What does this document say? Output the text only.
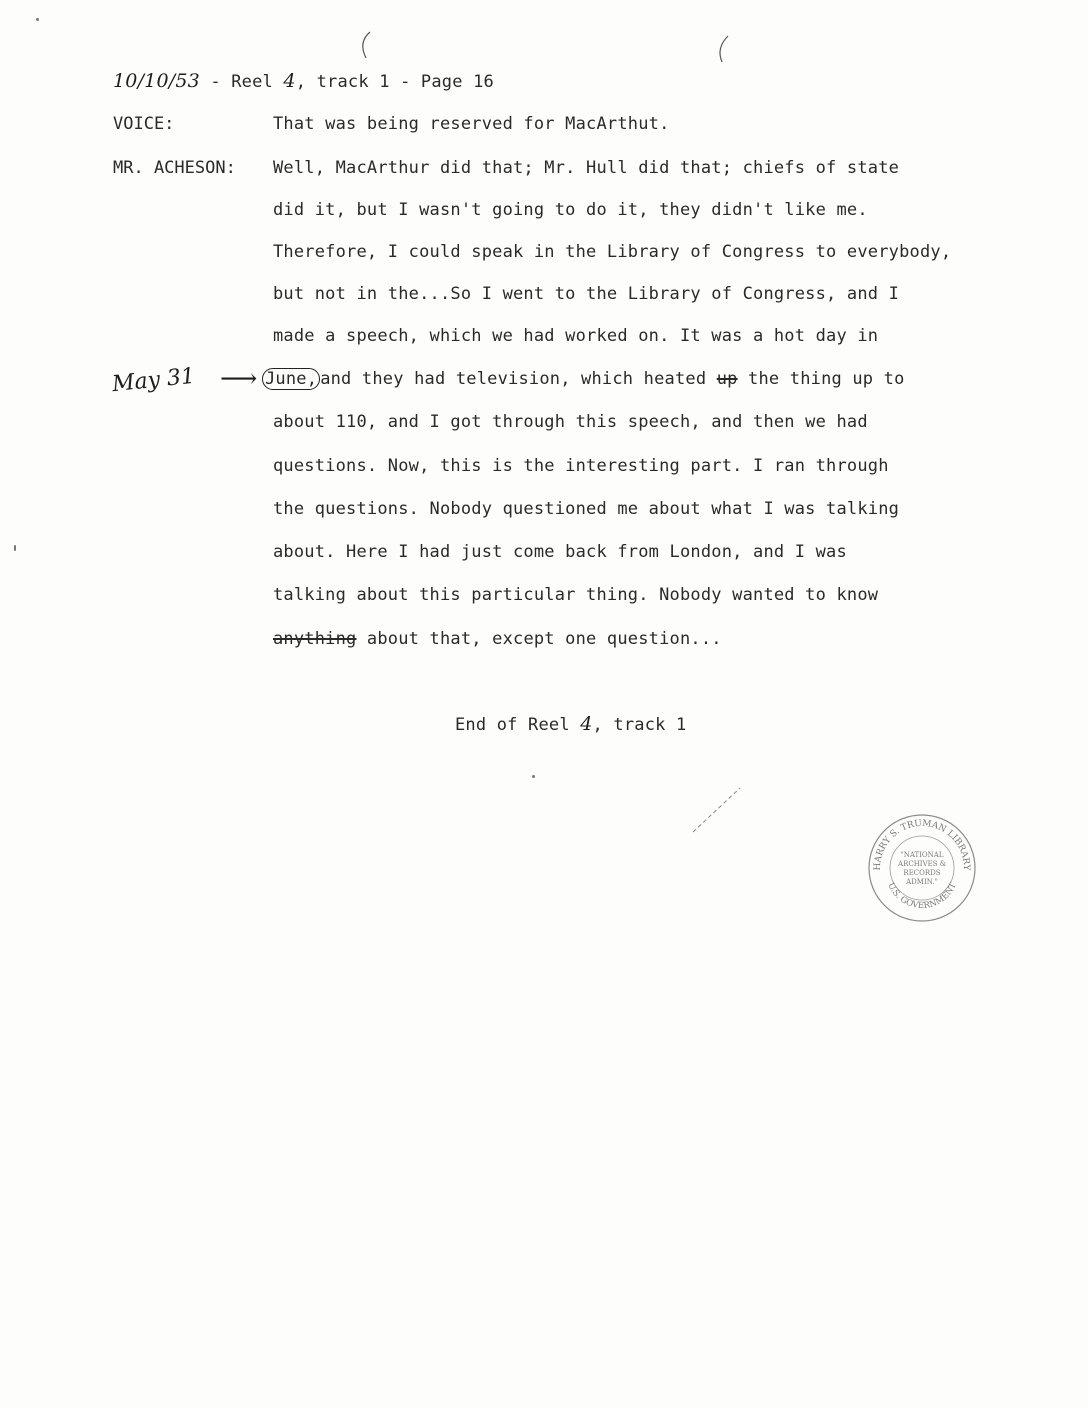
10/10/53 - Reel 4, track 1 - Page 16
VOICE:	That was being reserved for MacArthut.
MR. ACHESON: Well, MacArthur did that; Mr. Hull did that; chiefs of state
did it, but I wasn't going to do it, they didn't like me.
Therefore, I could speak in the Library of Congress to everybody,
but not in the...So I went to the Library of Congress, and I
made a speech, which we had worked on. It was a hot day in
June, and they had television, which heated up the thing up to
about 110, and I got through this speech, and then we had
questions. Now, this is the interesting part. I ran through
the questions. Nobody questioned me about what I was talking
about. Here I had just come back from London, and I was
talking about this particular thing. Nobody wanted to know
anything about that, except one question...
May 31 ⟶
End of Reel 4, track 1
HARRY S. TRUMAN LIBRARY
U.S. GOVERNMENT
"NATIONAL
ARCHIVES &
RECORDS
ADMIN."
